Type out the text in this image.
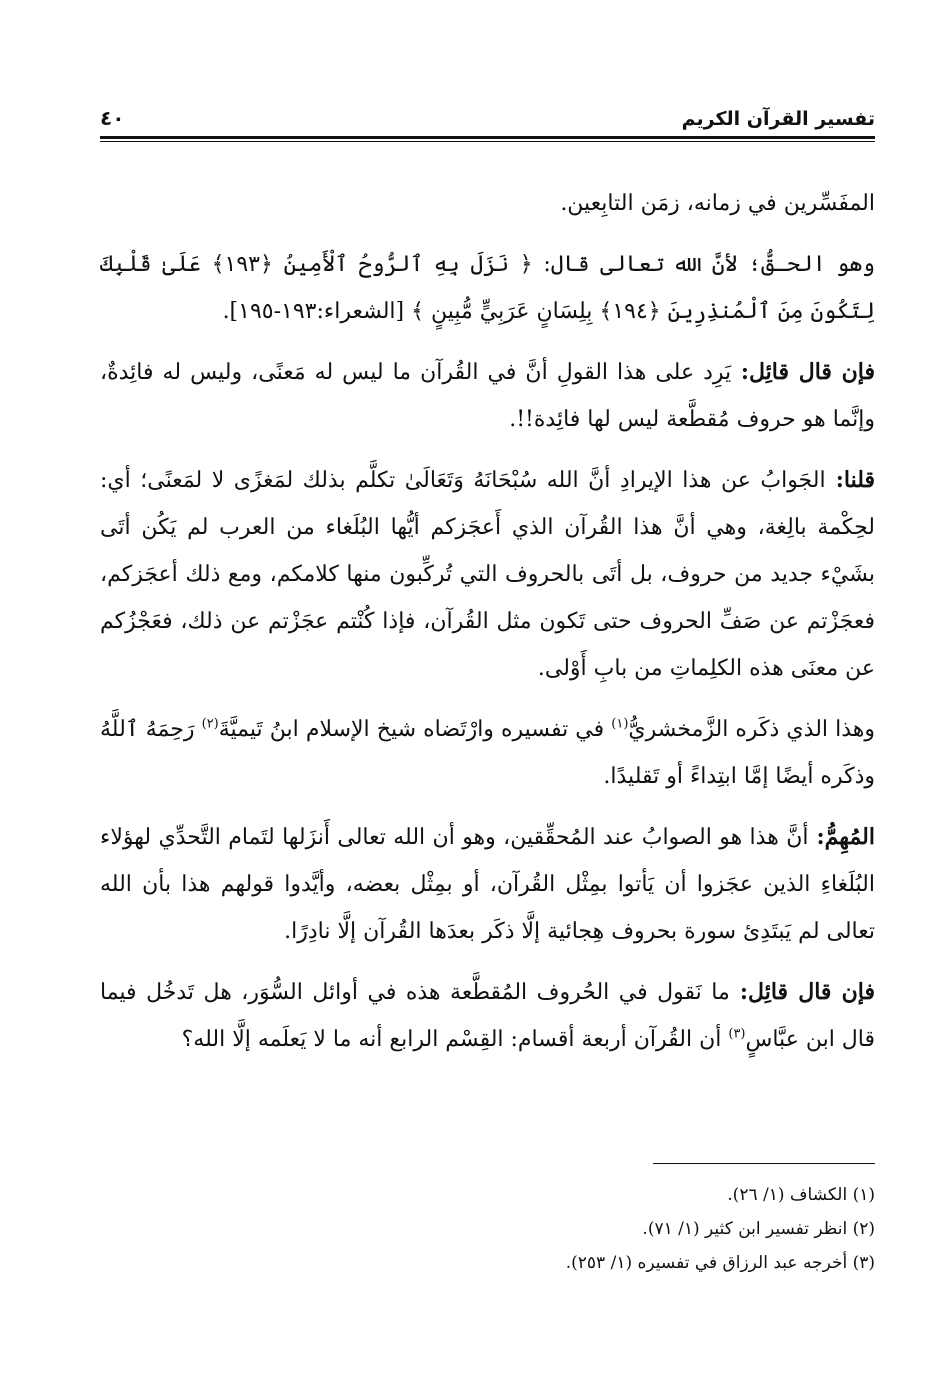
تفسير القرآن الكريم
٤٠

المفَسِّرين في زمانه، زمَن التابِعين.

وهو الحـقُّ؛ لأنَّ الله تعالى قال: ﴿ نَزَلَ بِهِ ٱلرُّوحُ ٱلْأَمِينُ ﴿١٩٣﴾ عَلَىٰ قَلْبِكَ لِتَكُونَ مِنَ ٱلْمُنذِرِينَ ﴿١٩٤﴾ بِلِسَانٍ عَرَبِيٍّ مُّبِينٍ ﴾ [الشعراء:١٩٣-١٩٥].

فإن قال قائِل: يَرِد على هذا القولِ أنَّ في القُرآن ما ليس له مَعنًى، وليس له فائِدةٌ، وإنَّما هو حروف مُقطَّعة ليس لها فائِدة!!.

قلنا: الجَوابُ عن هذا الإيرادِ أنَّ الله سُبْحَانَهُ وَتَعَالَىٰ تكلَّم بذلك لمَغزًى لا لمَعنًى؛ أي: لحِكْمة بالِغة، وهي أنَّ هذا القُرآن الذي أَعجَزكم أيُّها البُلَغاء من العرب لم يَكُن أتَى بشَيْء جديد من حروف، بل أتَى بالحروف التي تُركِّبون منها كلامكم، ومع ذلك أعجَزكم، فعجَزْتم عن صَفِّ الحروف حتى تَكون مثل القُرآن، فإذا كُنْتم عجَزْتم عن ذلك، فعَجْزُكم عن معنَى هذه الكلِماتِ من بابِ أَوْلى.

وهذا الذي ذكَره الزَّمخشريُّ$^{(١)}$ في تفسيره وارْتَضاه شيخ الإسلام ابنُ تَيميَّةَ$^{(٢)}$ رَحِمَهُ ٱللَّهُ وذكَره أيضًا إمَّا ابتِداءً أو تَقليدًا.

المُهِمُّ: أنَّ هذا هو الصوابُ عند المُحقِّقين، وهو أن الله تعالى أَنزَلها لتَمام التَّحدِّي لهؤلاء البُلَغاءِ الذين عجَزوا أن يَأتوا بمِثْل القُرآن، أو بمِثْل بعضه، وأيَّدوا قولهم هذا بأن الله تعالى لم يَبتَدِئ سورة بحروف هِجائية إلَّا ذكَر بعدَها القُرآن إلَّا نادِرًا.

فإن قال قائِل: ما نَقول في الحُروف المُقطَّعة هذه في أوائل السُّوَر، هل تَدخُل فيما قال ابن عبَّاسٍ$^{(٣)}$ أن القُرآن أربعة أقسام: القِسْم الرابع أنه ما لا يَعلَمه إلَّا الله؟

(١) الكشاف (١/ ٢٦).

(٢) انظر تفسير ابن كثير (١/ ٧١).

(٣) أخرجه عبد الرزاق في تفسيره (١/ ٢٥٣).
